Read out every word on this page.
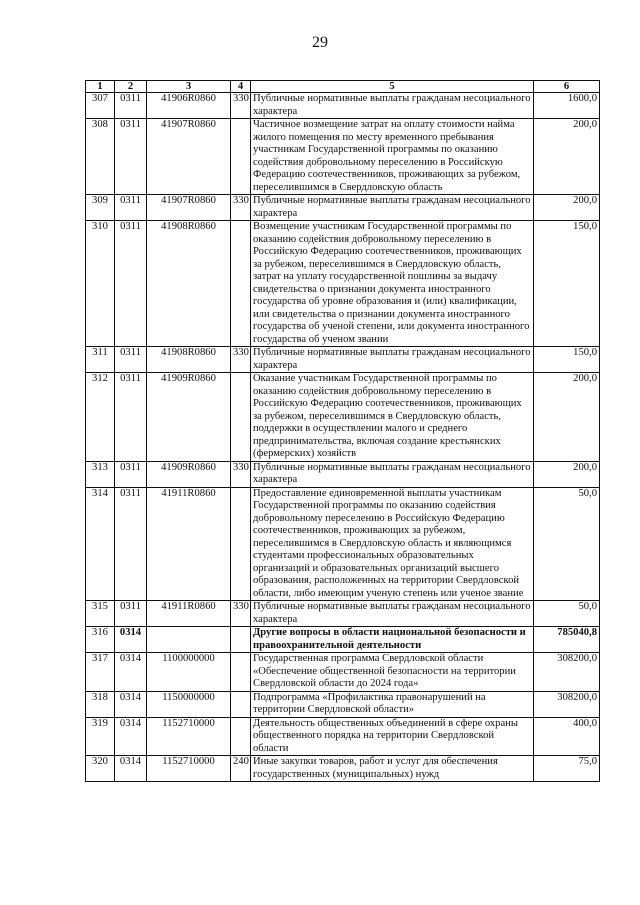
29
1	2	3	4	5	6
307	0311	41906R0860	330	Публичные нормативные выплаты гражданам несоциального характера	1600,0
308	0311	41907R0860		Частичное возмещение затрат на оплату стоимости найма жилого помещения по месту временного пребывания участникам Государственной программы по оказанию содействия добровольному переселению в Российскую Федерацию соотечественников, проживающих за рубежом, переселившимся в Свердловскую область	200,0
309	0311	41907R0860	330	Публичные нормативные выплаты гражданам несоциального характера	200,0
310	0311	41908R0860		Возмещение участникам Государственной программы по оказанию содействия добровольному переселению в Российскую Федерацию соотечественников, проживающих за рубежом, переселившимся в Свердловскую область, затрат на уплату государственной пошлины за выдачу свидетельства о признании документа иностранного государства об уровне образования и (или) квалификации, или свидетельства о признании документа иностранного государства об ученой степени, или документа иностранного государства об ученом звании	150,0
311	0311	41908R0860	330	Публичные нормативные выплаты гражданам несоциального характера	150,0
312	0311	41909R0860		Оказание участникам Государственной программы по оказанию содействия добровольному переселению в Российскую Федерацию соотечественников, проживающих за рубежом, переселившимся в Свердловскую область, поддержки в осуществлении малого и среднего предпринимательства, включая создание крестьянских (фермерских) хозяйств	200,0
313	0311	41909R0860	330	Публичные нормативные выплаты гражданам несоциального характера	200,0
314	0311	41911R0860		Предоставление единовременной выплаты участникам Государственной программы по оказанию содействия добровольному переселению в Российскую Федерацию соотечественников, проживающих за рубежом, переселившимся в Свердловскую область и являющимся студентами профессиональных образовательных организаций и образовательных организаций высшего образования, расположенных на территории Свердловской области, либо имеющим ученую степень или ученое звание	50,0
315	0311	41911R0860	330	Публичные нормативные выплаты гражданам несоциального характера	50,0
316	0314			Другие вопросы в области национальной безопасности и правоохранительной деятельности	785040,8
317	0314	1100000000		Государственная программа Свердловской области «Обеспечение общественной безопасности на территории Свердловской области до 2024 года»	308200,0
318	0314	1150000000		Подпрограмма «Профилактика правонарушений на территории Свердловской области»	308200,0
319	0314	1152710000		Деятельность общественных объединений в сфере охраны общественного порядка на территории Свердловской области	400,0
320	0314	1152710000	240	Иные закупки товаров, работ и услуг для обеспечения государственных (муниципальных) нужд	75,0
